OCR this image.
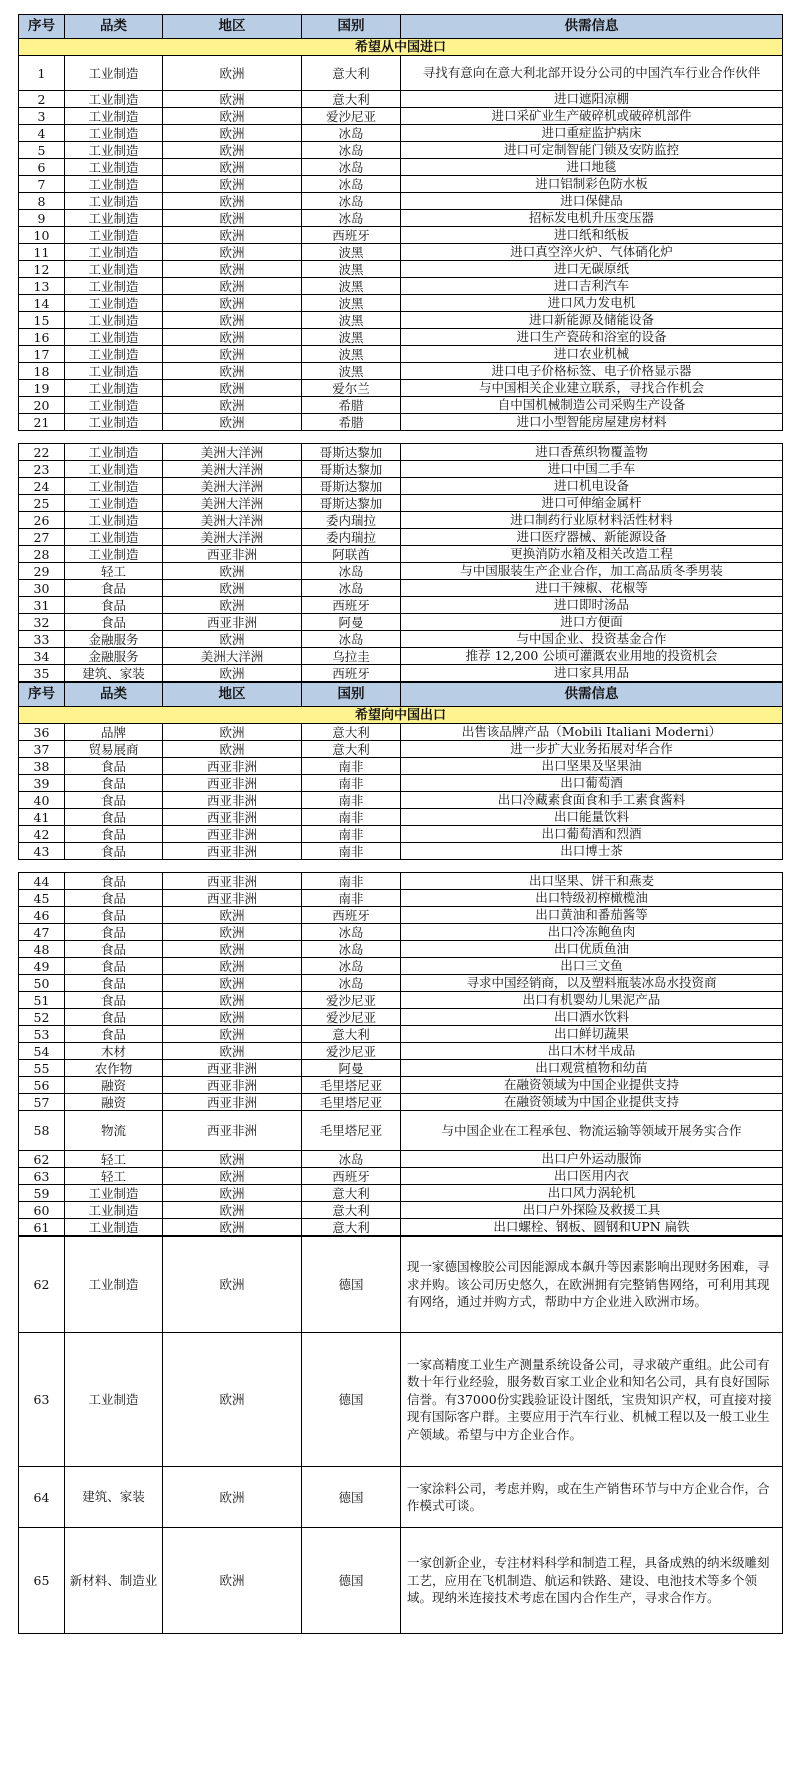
序号	品类	地区	国别	供需信息
希望从中国进口				
1	工业制造	欧洲	意大利	寻找有意向在意大利北部开设分公司的中国汽车行业合作伙伴
2	工业制造	欧洲	意大利	进口遮阳凉棚
3	工业制造	欧洲	爱沙尼亚	进口采矿业生产破碎机或破碎机部件
4	工业制造	欧洲	冰岛	进口重症监护病床
5	工业制造	欧洲	冰岛	进口可定制智能门锁及安防监控
6	工业制造	欧洲	冰岛	进口地毯
7	工业制造	欧洲	冰岛	进口铝制彩色防水板
8	工业制造	欧洲	冰岛	进口保健品
9	工业制造	欧洲	冰岛	招标发电机升压变压器
10	工业制造	欧洲	西班牙	进口纸和纸板
11	工业制造	欧洲	波黑	进口真空淬火炉、气体硝化炉
12	工业制造	欧洲	波黑	进口无碳原纸
13	工业制造	欧洲	波黑	进口吉利汽车
14	工业制造	欧洲	波黑	进口风力发电机
15	工业制造	欧洲	波黑	进口新能源及储能设备
16	工业制造	欧洲	波黑	进口生产瓷砖和浴室的设备
17	工业制造	欧洲	波黑	进口农业机械
18	工业制造	欧洲	波黑	进口电子价格标签、电子价格显示器
19	工业制造	欧洲	爱尔兰	与中国相关企业建立联系，寻找合作机会
20	工业制造	欧洲	希腊	自中国机械制造公司采购生产设备
21	工业制造	欧洲	希腊	进口小型智能房屋建房材料
22	工业制造	美洲大洋洲	哥斯达黎加	进口香蕉织物覆盖物
23	工业制造	美洲大洋洲	哥斯达黎加	进口中国二手车
24	工业制造	美洲大洋洲	哥斯达黎加	进口机电设备
25	工业制造	美洲大洋洲	哥斯达黎加	进口可伸缩金属杆
26	工业制造	美洲大洋洲	委内瑞拉	进口制药行业原材料活性材料
27	工业制造	美洲大洋洲	委内瑞拉	进口医疗器械、新能源设备
28	工业制造	西亚非洲	阿联酋	更换消防水箱及相关改造工程
29	轻工	欧洲	冰岛	与中国服装生产企业合作，加工高品质冬季男装
30	食品	欧洲	冰岛	进口干辣椒、花椒等
31	食品	欧洲	西班牙	进口即时汤品
32	食品	西亚非洲	阿曼	进口方便面
33	金融服务	欧洲	冰岛	与中国企业、投资基金合作
34	金融服务	美洲大洋洲	乌拉圭	推荐 12,200 公顷可灌溉农业用地的投资机会
35	建筑、家装	欧洲	西班牙	进口家具用品
序号	品类	地区	国别	供需信息
希望向中国出口				
36	品牌	欧洲	意大利	出售该品牌产品（Mobili Italiani Moderni）
37	贸易展商	欧洲	意大利	进一步扩大业务拓展对华合作
38	食品	西亚非洲	南非	出口坚果及坚果油
39	食品	西亚非洲	南非	出口葡萄酒
40	食品	西亚非洲	南非	出口冷藏素食面食和手工素食酱料
41	食品	西亚非洲	南非	出口能量饮料
42	食品	西亚非洲	南非	出口葡萄酒和烈酒
43	食品	西亚非洲	南非	出口博士茶
44	食品	西亚非洲	南非	出口坚果、饼干和燕麦
45	食品	西亚非洲	南非	出口特级初榨橄榄油
46	食品	欧洲	西班牙	出口黄油和番茄酱等
47	食品	欧洲	冰岛	出口冷冻鲍鱼肉
48	食品	欧洲	冰岛	出口优质鱼油
49	食品	欧洲	冰岛	出口三文鱼
50	食品	欧洲	冰岛	寻求中国经销商，以及塑料瓶装冰岛水投资商
51	食品	欧洲	爱沙尼亚	出口有机婴幼儿果泥产品
52	食品	欧洲	爱沙尼亚	出口酒水饮料
53	食品	欧洲	意大利	出口鲜切蔬果
54	木材	欧洲	爱沙尼亚	出口木材半成品
55	农作物	西亚非洲	阿曼	出口观赏植物和幼苗
56	融资	西亚非洲	毛里塔尼亚	在融资领域为中国企业提供支持
57	融资	西亚非洲	毛里塔尼亚	在融资领域为中国企业提供支持
58	物流	西亚非洲	毛里塔尼亚	与中国企业在工程承包、物流运输等领域开展务实合作
62	轻工	欧洲	冰岛	出口户外运动服饰
63	轻工	欧洲	西班牙	出口医用内衣
59	工业制造	欧洲	意大利	出口风力涡轮机
60	工业制造	欧洲	意大利	出口户外探险及救援工具
61	工业制造	欧洲	意大利	出口螺栓、钢板、圆钢和UPN 扁铁
62	工业制造	欧洲	德国	现一家德国橡胶公司因能源成本飙升等因素影响出现财务困难，寻求并购。该公司历史悠久，在欧洲拥有完整销售网络，可利用其现有网络，通过并购方式，帮助中方企业进入欧洲市场。
63	工业制造	欧洲	德国	一家高精度工业生产测量系统设备公司，寻求破产重组。此公司有数十年行业经验，服务数百家工业企业和知名公司，具有良好国际信誉。有37000份实践验证设计图纸，宝贵知识产权，可直接对接现有国际客户群。主要应用于汽车行业、机械工程以及一般工业生产领域。希望与中方企业合作。
64	建筑、家装	欧洲	德国	一家涂料公司，考虑并购，或在生产销售环节与中方企业合作，合作模式可谈。
65	新材料、制造业	欧洲	德国	一家创新企业，专注材料科学和制造工程，具备成熟的纳米级雕刻工艺，应用在飞机制造、航运和铁路、建设、电池技术等多个领域。现纳米连接技术考虑在国内合作生产，寻求合作方。
